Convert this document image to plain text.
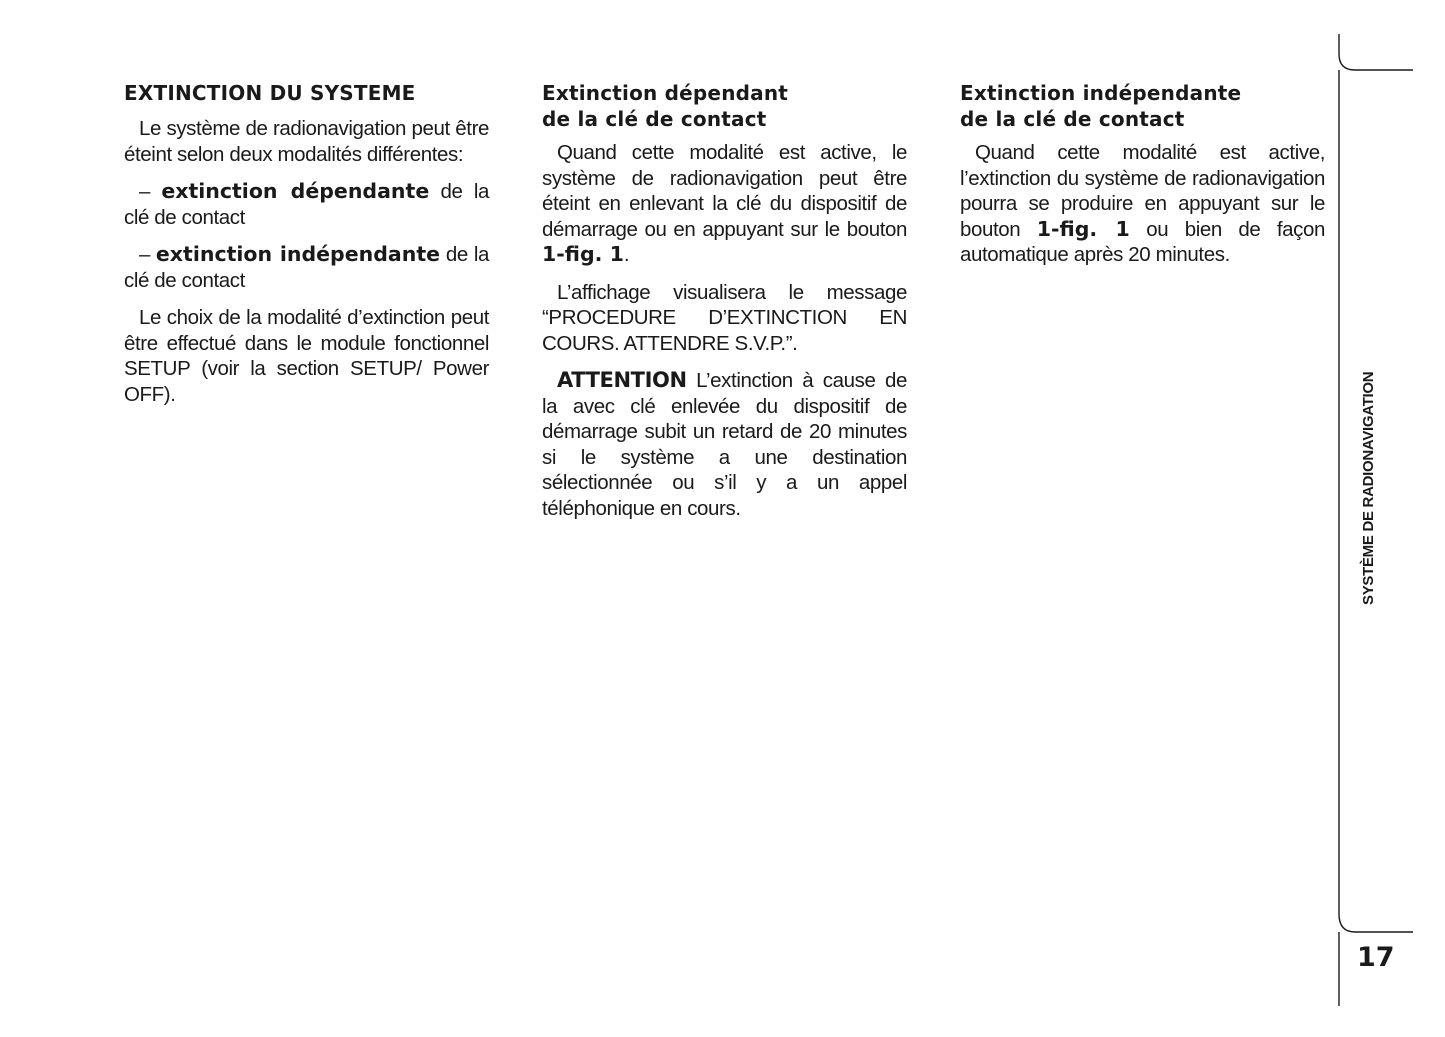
EXTINCTION DU SYSTEME

Le système de radionavigation peut être éteint selon deux modalités différentes:

– extinction dépendante de la clé de contact

– extinction indépendante de la clé de contact

Le choix de la modalité d’extinction peut être effectué dans le module fonctionnel SETUP (voir la section SETUP/ Power OFF).

Extinction dépendant
de la clé de contact

Quand cette modalité est active, le système de radionavigation peut être éteint en enlevant la clé du dispositif de démarrage ou en appuyant sur le bouton 1-fig. 1.

L’affichage visualisera le message “PROCEDURE D’EXTINCTION EN COURS. ATTENDRE S.V.P.”.

ATTENTION L’extinction à cause de la avec clé enlevée du dispositif de démarrage subit un retard de 20 minutes si le système a une destination sélectionnée ou s’il y a un appel téléphonique en cours.

Extinction indépendante
de la clé de contact

Quand cette modalité est active, l’extinction du système de radionavigation pourra se produire en appuyant sur le bouton 1-fig. 1 ou bien de façon automatique après 20 minutes.

SYSTÈME DE RADIONAVIGATION
17
